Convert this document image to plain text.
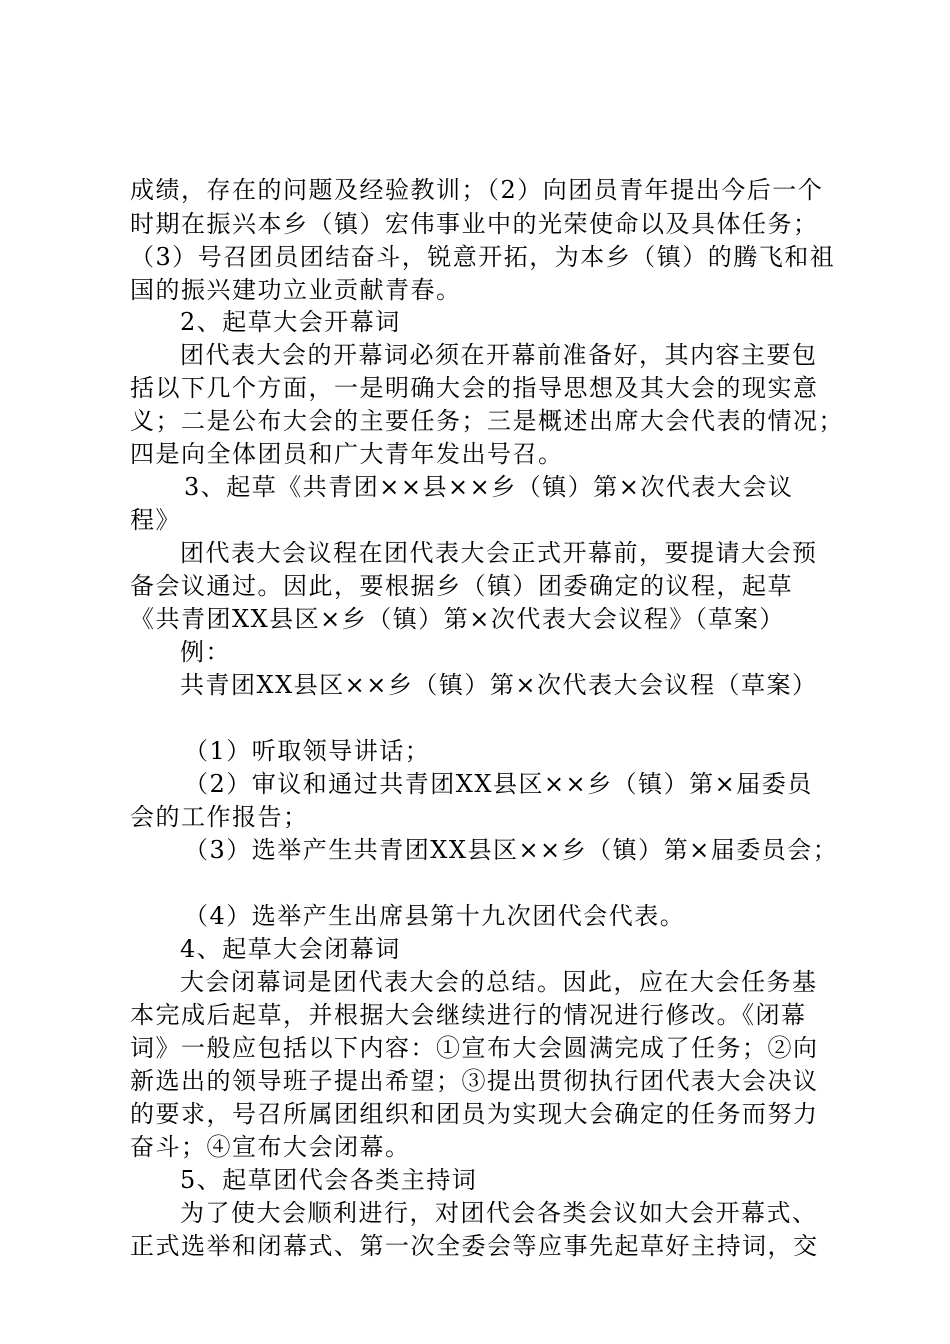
成绩，存在的问题及经验教训；（2）向团员青年提出今后一个
时期在振兴本乡（镇）宏伟事业中的光荣使命以及具体任务；
（3）号召团员团结奋斗，锐意开拓，为本乡（镇）的腾飞和祖
国的振兴建功立业贡献青春。
2、起草大会开幕词
团代表大会的开幕词必须在开幕前准备好，其内容主要包
括以下几个方面，一是明确大会的指导思想及其大会的现实意
义；二是公布大会的主要任务；三是概述出席大会代表的情况；
四是向全体团员和广大青年发出号召。
3、起草《共青团××县××乡（镇）第×次代表大会议
程》
团代表大会议程在团代表大会正式开幕前，要提请大会预
备会议通过。因此，要根据乡（镇）团委确定的议程，起草
《共青团XX县区×乡（镇）第×次代表大会议程》（草案）
例：
共青团XX县区××乡（镇）第×次代表大会议程（草案）
（1）听取领导讲话；
（2）审议和通过共青团XX县区××乡（镇）第×届委员
会的工作报告；
（3）选举产生共青团XX县区××乡（镇）第×届委员会；
（4）选举产生出席县第十九次团代会代表。
4、起草大会闭幕词
大会闭幕词是团代表大会的总结。因此，应在大会任务基
本完成后起草，并根据大会继续进行的情况进行修改。《闭幕
词》一般应包括以下内容：①宣布大会圆满完成了任务；②向
新选出的领导班子提出希望；③提出贯彻执行团代表大会决议
的要求，号召所属团组织和团员为实现大会确定的任务而努力
奋斗；④宣布大会闭幕。
5、起草团代会各类主持词
为了使大会顺利进行，对团代会各类会议如大会开幕式、
正式选举和闭幕式、第一次全委会等应事先起草好主持词，交
